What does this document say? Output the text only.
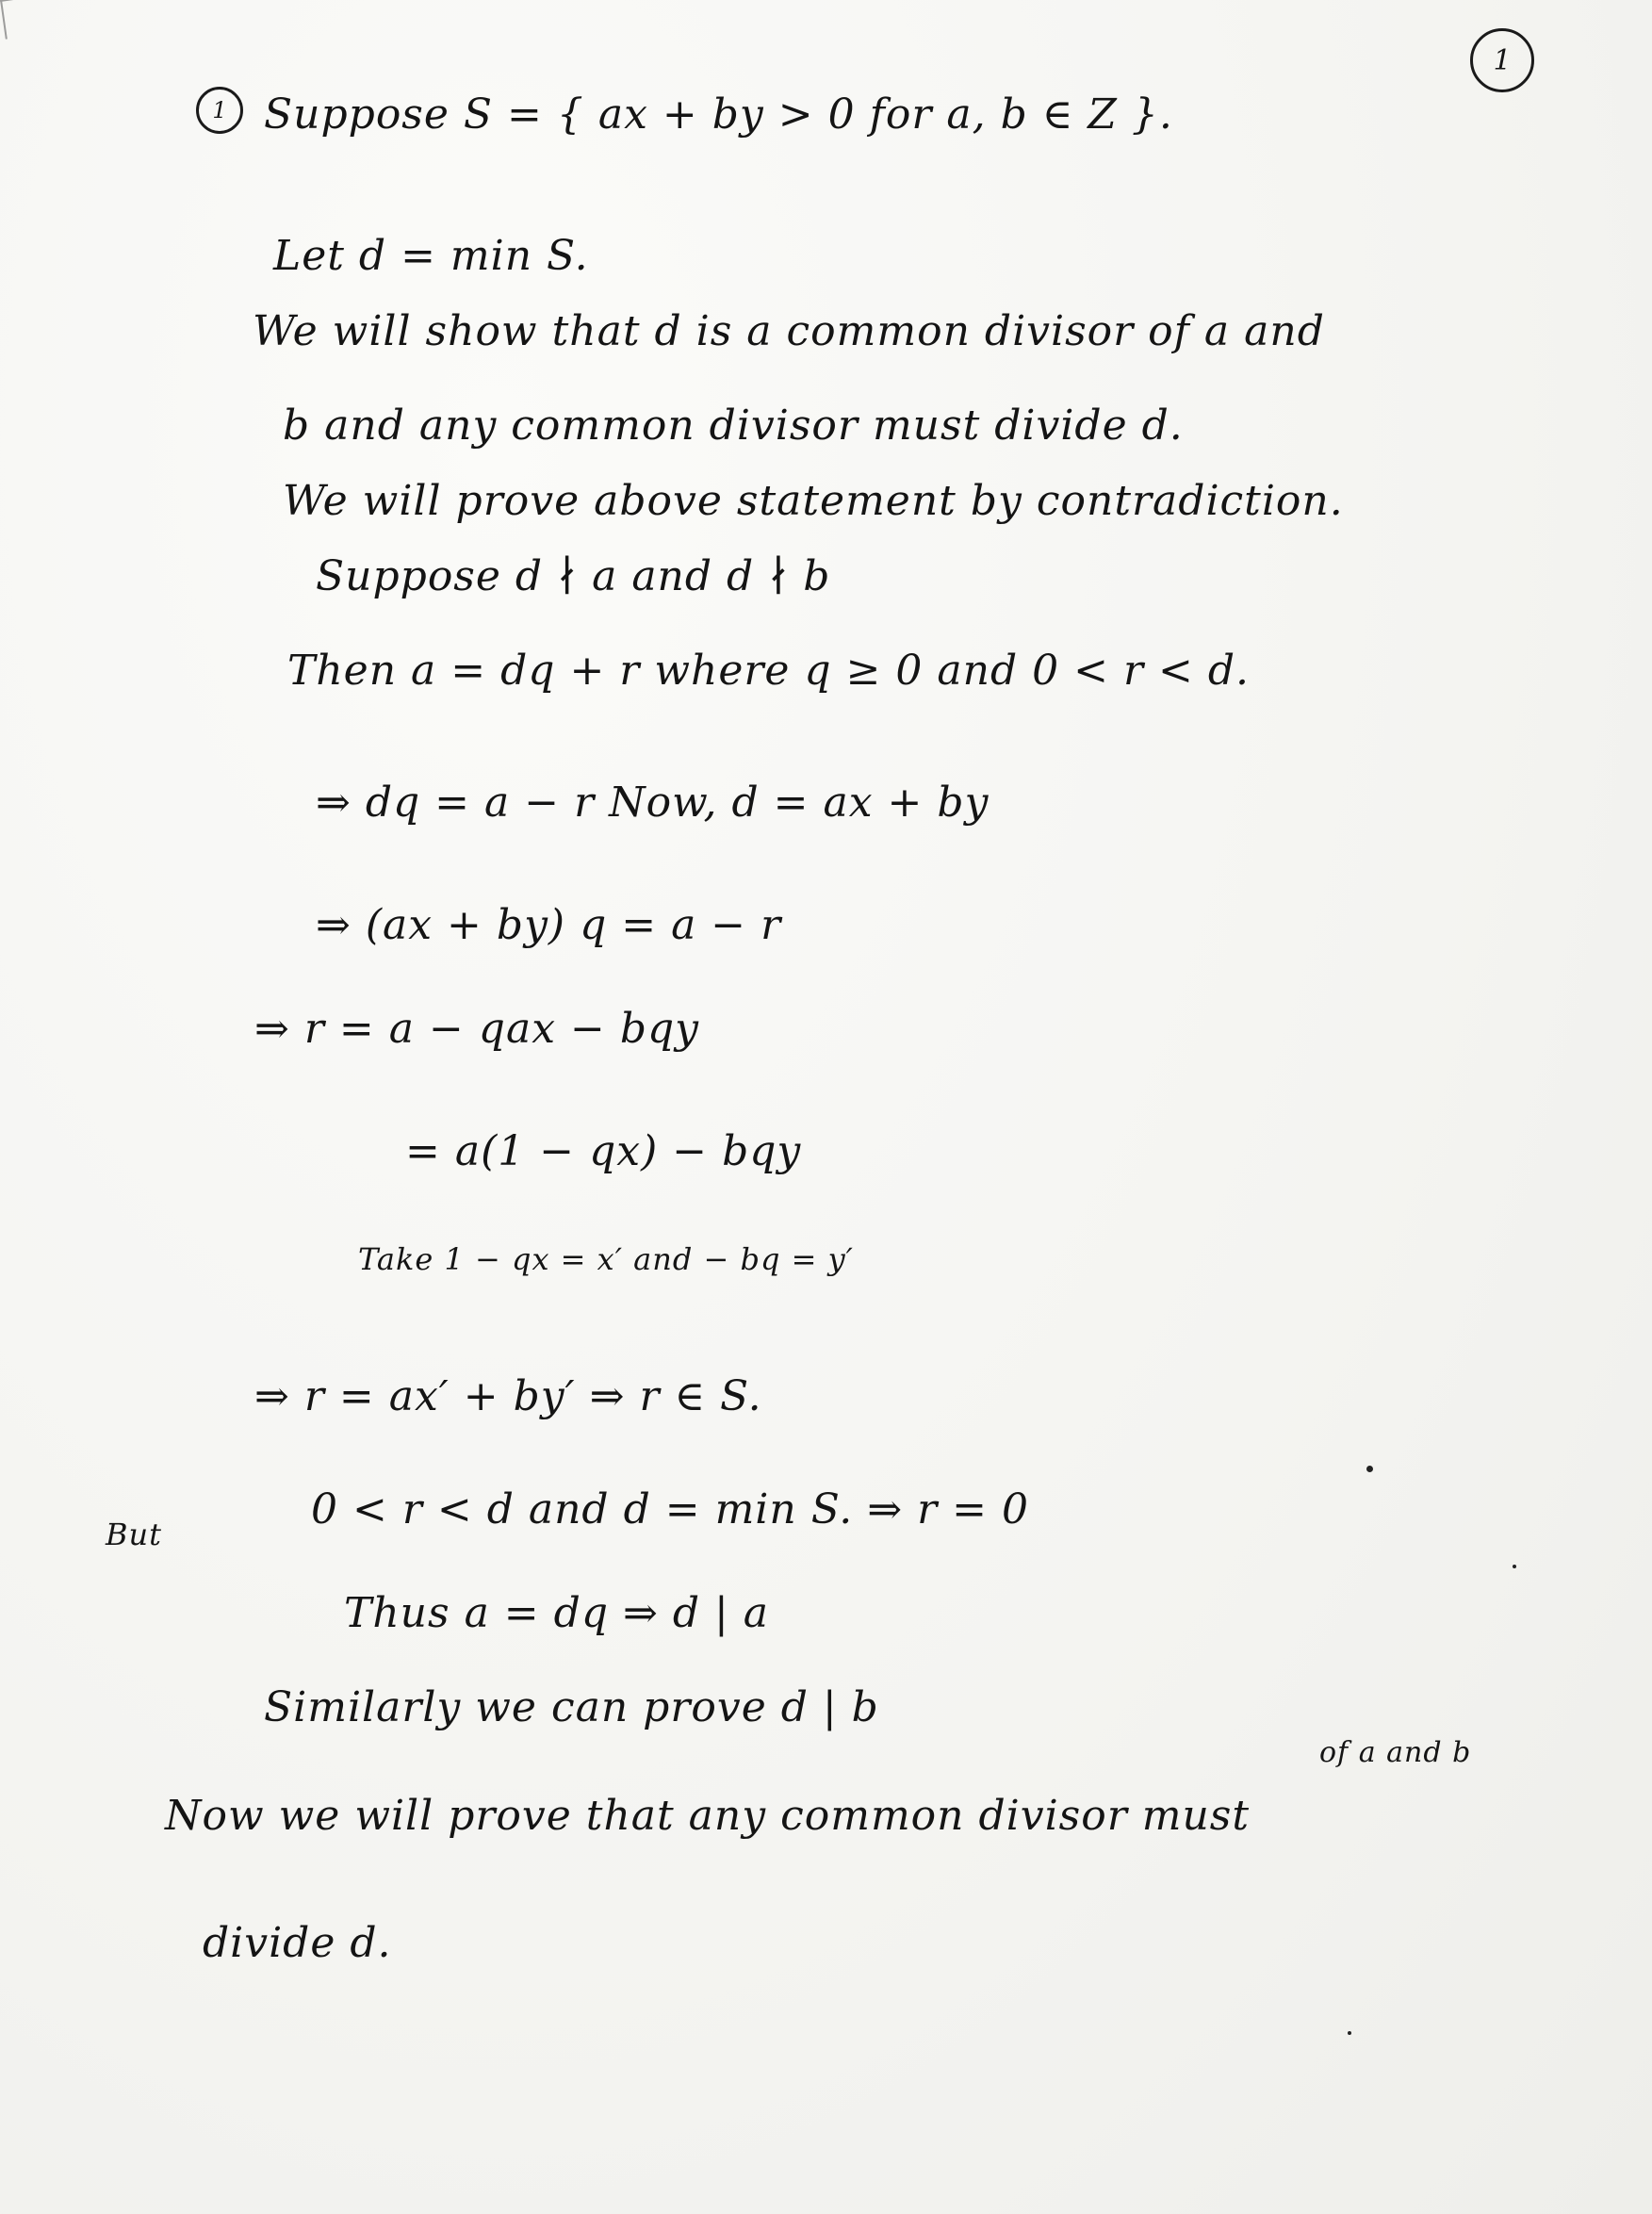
1
1 Suppose S = { ax + by > 0 for a, b ∈ Z }.
Let d = min S.
We will show that d is a common divisor of a and
b and any common divisor must divide d.
We will prove above statement by contradiction.
Suppose d ∤ a and d ∤ b
Then a = dq + r where q ≥ 0 and 0 < r < d.
⇒ dq = a − r Now, d = ax + by
⇒ (ax + by) q = a − r
⇒ r = a − qax − bqy
= a(1 − qx) − bqy
Take 1 − qx = x′ and − bq = y′
⇒ r = ax′ + by′ ⇒ r ∈ S.
But
0 < r < d and d = min S. ⇒ r = 0
Thus a = dq ⇒ d | a
Similarly we can prove d | b
of a and b
Now we will prove that any common divisor must
divide d.
